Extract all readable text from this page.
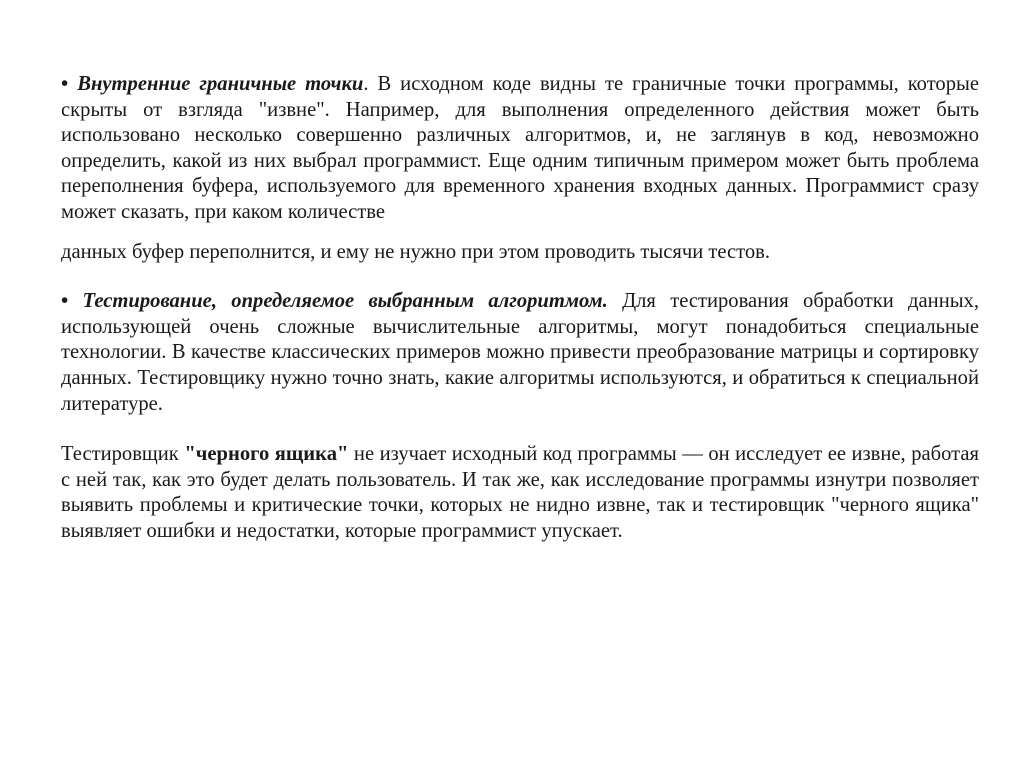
• Внутренние граничные точки. В исходном коде видны те граничные точки программы, которые скрыты от взгляда "извне". Например, для выполнения определенного действия может быть использовано несколько совершенно различных алгоритмов, и, не заглянув в код, невозможно определить, какой из них выбрал программист. Еще одним типичным примером может быть проблема переполнения буфера, используемого для временного хранения входных данных. Программист сразу может сказать, при каком количестве
данных буфер переполнится, и ему не нужно при этом проводить тысячи тестов.

• Тестирование, определяемое выбранным алгоритмом. Для тестирования обработки данных, использующей очень сложные вычислительные алгоритмы, могут понадобиться специальные технологии. В качестве классических примеров можно привести преобразование матрицы и сортировку данных. Тестировщику нужно точно знать, какие алгоритмы используются, и обратиться к специальной литературе.

Тестировщик "черного ящика" не изучает исходный код программы — он исследует ее извне, работая с ней так, как это будет делать пользователь. И так же, как исследование программы изнутри позволяет выявить проблемы и критические точки, которых не нидно извне, так и тестировщик "черного ящика" выявляет ошибки и недостатки, которые программист упускает.
